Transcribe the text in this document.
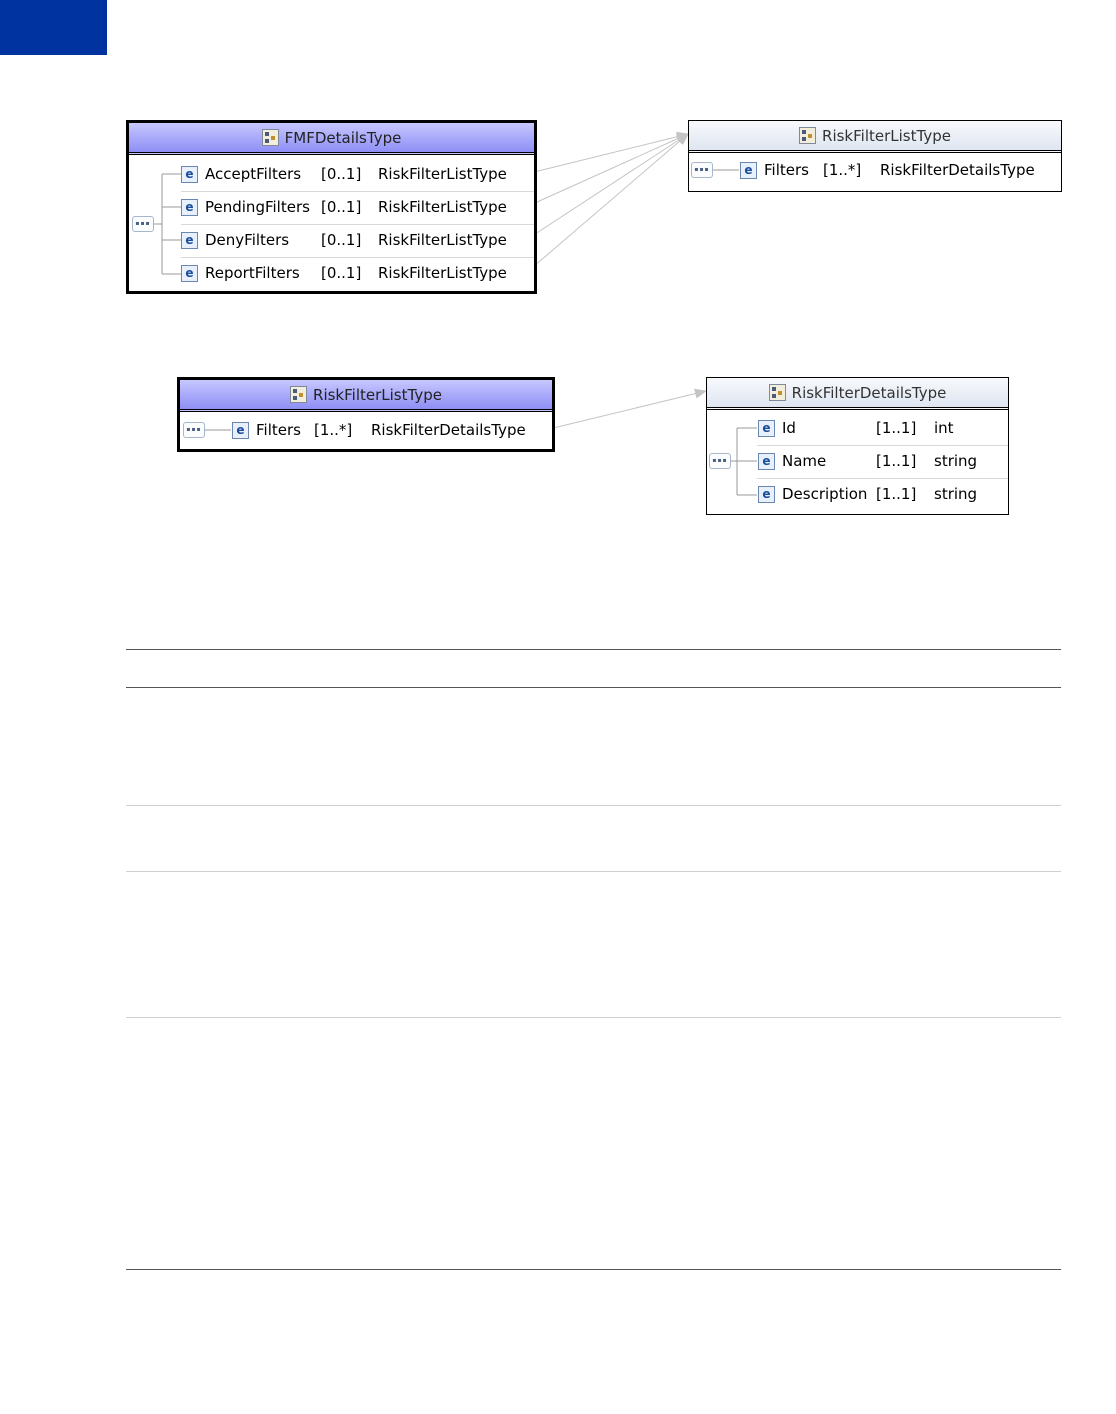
FMFDetailsType
▪▪▪
e AcceptFilters [0..1] RiskFilterListType
e PendingFilters [0..1] RiskFilterListType
e DenyFilters [0..1] RiskFilterListType
e ReportFilters [0..1] RiskFilterListType
RiskFilterListType
▪▪▪	e Filters [1..*] RiskFilterDetailsType
RiskFilterListType
▪▪▪	e Filters [1..*] RiskFilterDetailsType
RiskFilterDetailsType
▪▪▪
e Id	[1..1] int
e Name	[1..1] string
e Description [1..1] string
